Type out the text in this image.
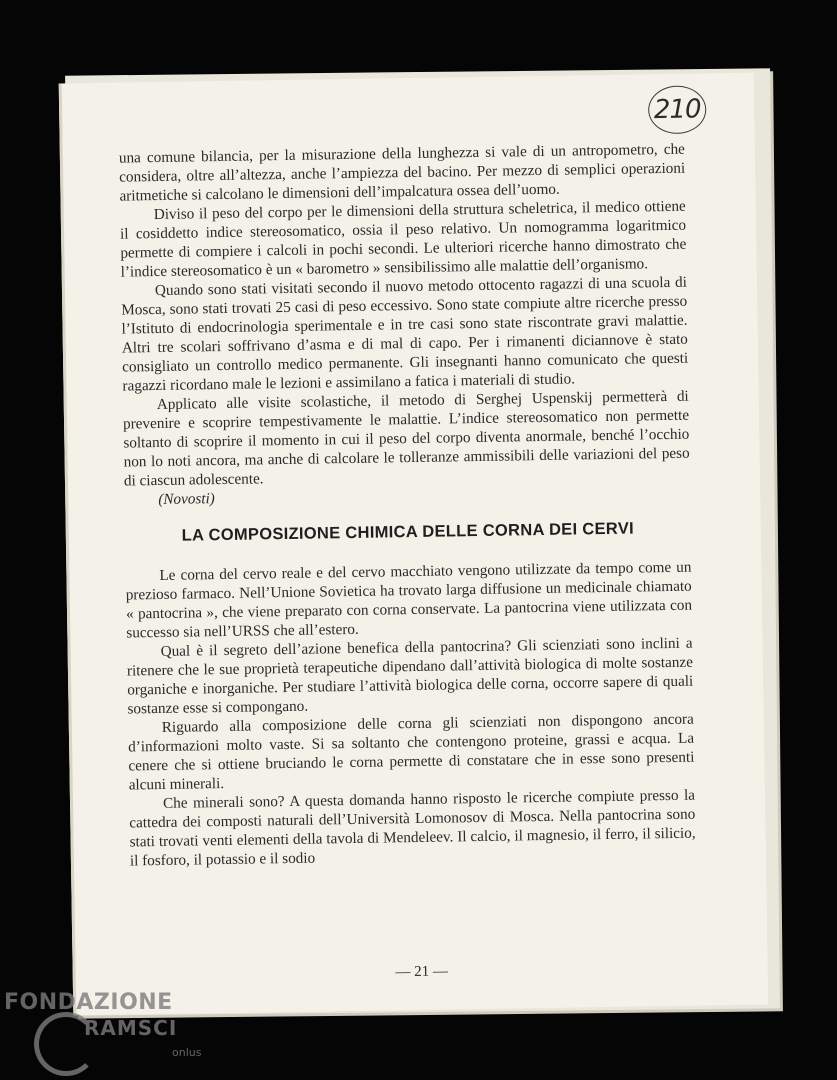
210

una comune bilancia, per la misurazione della lunghezza si vale di un antropometro, che considera, oltre all’altezza, anche l’ampiezza del bacino. Per mezzo di semplici operazioni aritmetiche si calcolano le dimensioni dell’impalcatura ossea dell’uomo.

Diviso il peso del corpo per le dimensioni della struttura scheletrica, il medico ottiene il cosiddetto indice stereosomatico, ossia il peso relativo. Un nomogramma logaritmico permette di compiere i calcoli in pochi secondi. Le ulteriori ricerche hanno dimostrato che l’indice stereosomatico è un « barometro » sensibilissimo alle malattie dell’organismo.

Quando sono stati visitati secondo il nuovo metodo ottocento ragazzi di una scuola di Mosca, sono stati trovati 25 casi di peso eccessivo. Sono state compiute altre ricerche presso l’Istituto di endocrinologia sperimentale e in tre casi sono state riscontrate gravi malattie. Altri tre scolari soffrivano d’asma e di mal di capo. Per i rimanenti diciannove è stato consigliato un controllo medico permanente. Gli insegnanti hanno comunicato che questi ragazzi ricordano male le lezioni e assimilano a fatica i materiali di studio.

Applicato alle visite scolastiche, il metodo di Serghej Uspenskij permetterà di prevenire e scoprire tempestivamente le malattie. L’indice stereosomatico non permette soltanto di scoprire il momento in cui il peso del corpo diventa anormale, benché l’occhio non lo noti ancora, ma anche di calcolare le tolleranze ammissibili delle variazioni del peso di ciascun adolescente.

(Novosti)

LA COMPOSIZIONE CHIMICA DELLE CORNA DEI CERVI

Le corna del cervo reale e del cervo macchiato vengono utilizzate da tempo come un prezioso farmaco. Nell’Unione Sovietica ha trovato larga diffusione un medicinale chiamato « pantocrina », che viene preparato con corna conservate. La pantocrina viene utilizzata con successo sia nell’URSS che all’estero.

Qual è il segreto dell’azione benefica della pantocrina? Gli scienziati sono inclini a ritenere che le sue proprietà terapeutiche dipendano dall’attività biologica di molte sostanze organiche e inorganiche. Per studiare l’attività biologica delle corna, occorre sapere di quali sostanze esse si compongano.

Riguardo alla composizione delle corna gli scienziati non dispongono ancora d’informazioni molto vaste. Si sa soltanto che contengono proteine, grassi e acqua. La cenere che si ottiene bruciando le corna permette di constatare che in esse sono presenti alcuni minerali.

Che minerali sono? A questa domanda hanno risposto le ricerche compiute presso la cattedra dei composti naturali dell’Università Lomonosov di Mosca. Nella pantocrina sono stati trovati venti elementi della tavola di Mendeleev. Il calcio, il magnesio, il ferro, il silicio, il fosforo, il potassio e il sodio

— 21 —
FONDAZIONE
RAMSCI
onlus
